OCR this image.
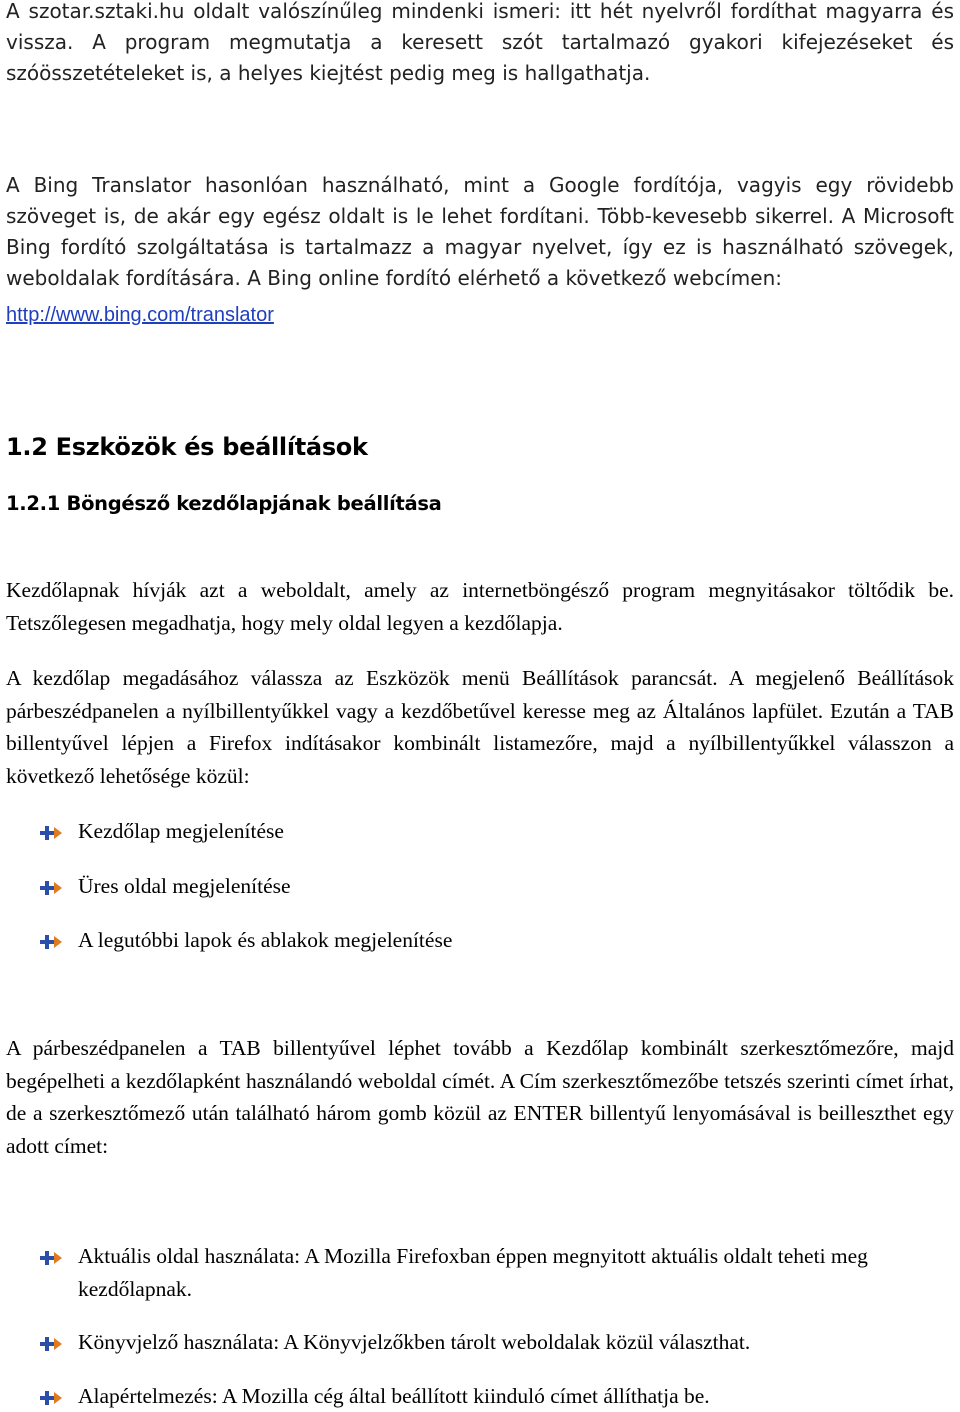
A szotar.sztaki.hu oldalt valószínűleg mindenki ismeri: itt hét nyelvről fordíthat magyarra és vissza. A program megmutatja a keresett szót tartalmazó gyakori kifejezéseket és szóösszetételeket is, a helyes kiejtést pedig meg is hallgathatja.

A Bing Translator hasonlóan használható, mint a Google fordítója, vagyis egy rövidebb szöveget is, de akár egy egész oldalt is le lehet fordítani. Több-kevesebb sikerrel. A Microsoft Bing fordító szolgáltatása is tartalmazz a magyar nyelvet, így ez is használható szövegek, weboldalak fordítására. A Bing online fordító elérhető a következő webcímen:

http://www.bing.com/translator
1.2 Eszközök és beállítások
1.2.1 Böngésző kezdőlapjának beállítása

Kezdőlapnak hívják azt a weboldalt, amely az internetböngésző program megnyitásakor töltődik be. Tetszőlegesen megadhatja, hogy mely oldal legyen a kezdőlapja.

A kezdőlap megadásához válassza az Eszközök menü Beállítások parancsát. A megjelenő Beállítások párbeszédpanelen a nyílbillentyűkkel vagy a kezdőbetűvel keresse meg az Általános lapfület. Ezután a TAB billentyűvel lépjen a Firefox indításakor kombinált listamezőre, majd a nyílbillentyűkkel válasszon a következő lehetősége közül:

Kezdőlap megjelenítése
Üres oldal megjelenítése
A legutóbbi lapok és ablakok megjelenítése

A párbeszédpanelen a TAB billentyűvel léphet tovább a Kezdőlap kombinált szerkesztőmezőre, majd begépelheti a kezdőlapként használandó weboldal címét. A Cím szerkesztőmezőbe tetszés szerinti címet írhat, de a szerkesztőmező után található három gomb közül az ENTER billentyű lenyomásával is beilleszthet egy adott címet:

Aktuális oldal használata: A Mozilla Firefoxban éppen megnyitott aktuális oldalt teheti meg kezdőlapnak.
Könyvjelző használata: A Könyvjelzőkben tárolt weboldalak közül választhat.
Alapértelmezés: A Mozilla cég által beállított kiinduló címet állíthatja be.
